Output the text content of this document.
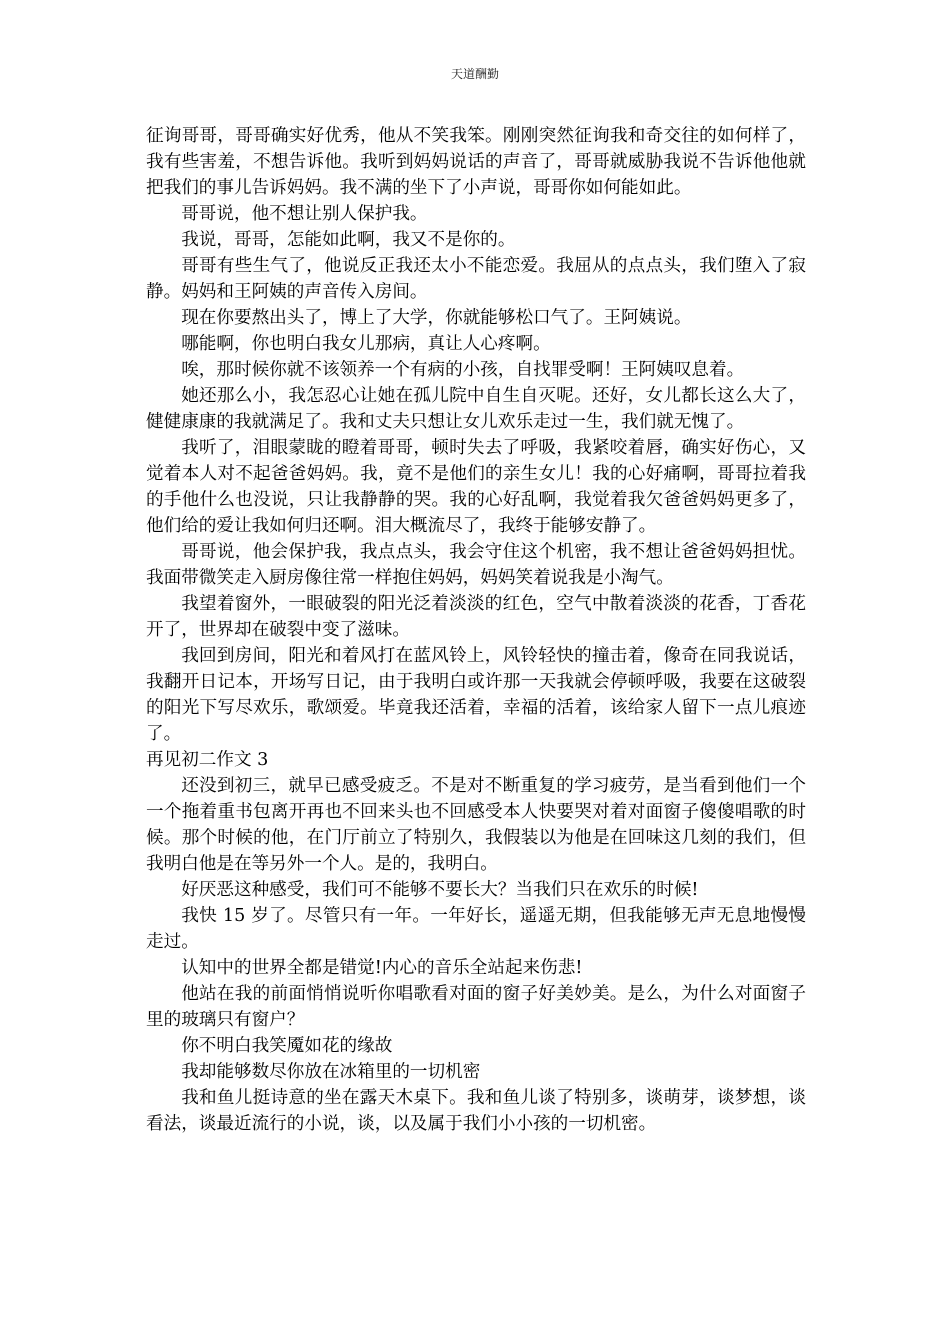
天道酬勤

征询哥哥，哥哥确实好优秀，他从不笑我笨。刚刚突然征询我和奇交往的如何样了，我有些害羞，不想告诉他。我听到妈妈说话的声音了，哥哥就威胁我说不告诉他他就把我们的事儿告诉妈妈。我不满的坐下了小声说，哥哥你如何能如此。

哥哥说，他不想让别人保护我。

我说，哥哥，怎能如此啊，我又不是你的。

哥哥有些生气了，他说反正我还太小不能恋爱。我屈从的点点头，我们堕入了寂静。妈妈和王阿姨的声音传入房间。

现在你要熬出头了，博上了大学，你就能够松口气了。王阿姨说。

哪能啊，你也明白我女儿那病，真让人心疼啊。

唉，那时候你就不该领养一个有病的小孩，自找罪受啊！王阿姨叹息着。

她还那么小，我怎忍心让她在孤儿院中自生自灭呢。还好，女儿都长这么大了，健健康康的我就满足了。我和丈夫只想让女儿欢乐走过一生，我们就无愧了。

我听了，泪眼蒙眬的瞪着哥哥，顿时失去了呼吸，我紧咬着唇，确实好伤心，又觉着本人对不起爸爸妈妈。我，竟不是他们的亲生女儿！我的心好痛啊，哥哥拉着我的手他什么也没说，只让我静静的哭。我的心好乱啊，我觉着我欠爸爸妈妈更多了，他们给的爱让我如何归还啊。泪大概流尽了，我终于能够安静了。

哥哥说，他会保护我，我点点头，我会守住这个机密，我不想让爸爸妈妈担忧。我面带微笑走入厨房像往常一样抱住妈妈，妈妈笑着说我是小淘气。

我望着窗外，一眼破裂的阳光泛着淡淡的红色，空气中散着淡淡的花香，丁香花开了，世界却在破裂中变了滋味。

我回到房间，阳光和着风打在蓝风铃上，风铃轻快的撞击着，像奇在同我说话，我翻开日记本，开场写日记，由于我明白或许那一天我就会停顿呼吸，我要在这破裂的阳光下写尽欢乐，歌颂爱。毕竟我还活着，幸福的活着，该给家人留下一点儿痕迹了。

再见初二作文 3

还没到初三，就早已感受疲乏。不是对不断重复的学习疲劳，是当看到他们一个一个拖着重书包离开再也不回来头也不回感受本人快要哭对着对面窗子傻傻唱歌的时候。那个时候的他，在门厅前立了特别久，我假装以为他是在回味这几刻的我们，但我明白他是在等另外一个人。是的，我明白。

好厌恶这种感受，我们可不能够不要长大？当我们只在欢乐的时候!

我快 15 岁了。尽管只有一年。一年好长，遥遥无期，但我能够无声无息地慢慢走过。

认知中的世界全都是错觉!内心的音乐全站起来伤悲!

他站在我的前面悄悄说听你唱歌看对面的窗子好美妙美。是么，为什么对面窗子里的玻璃只有窗户？

你不明白我笑魇如花的缘故

我却能够数尽你放在冰箱里的一切机密

我和鱼儿挺诗意的坐在露天木桌下。我和鱼儿谈了特别多，谈萌芽，谈梦想，谈看法，谈最近流行的小说，谈，以及属于我们小小孩的一切机密。
